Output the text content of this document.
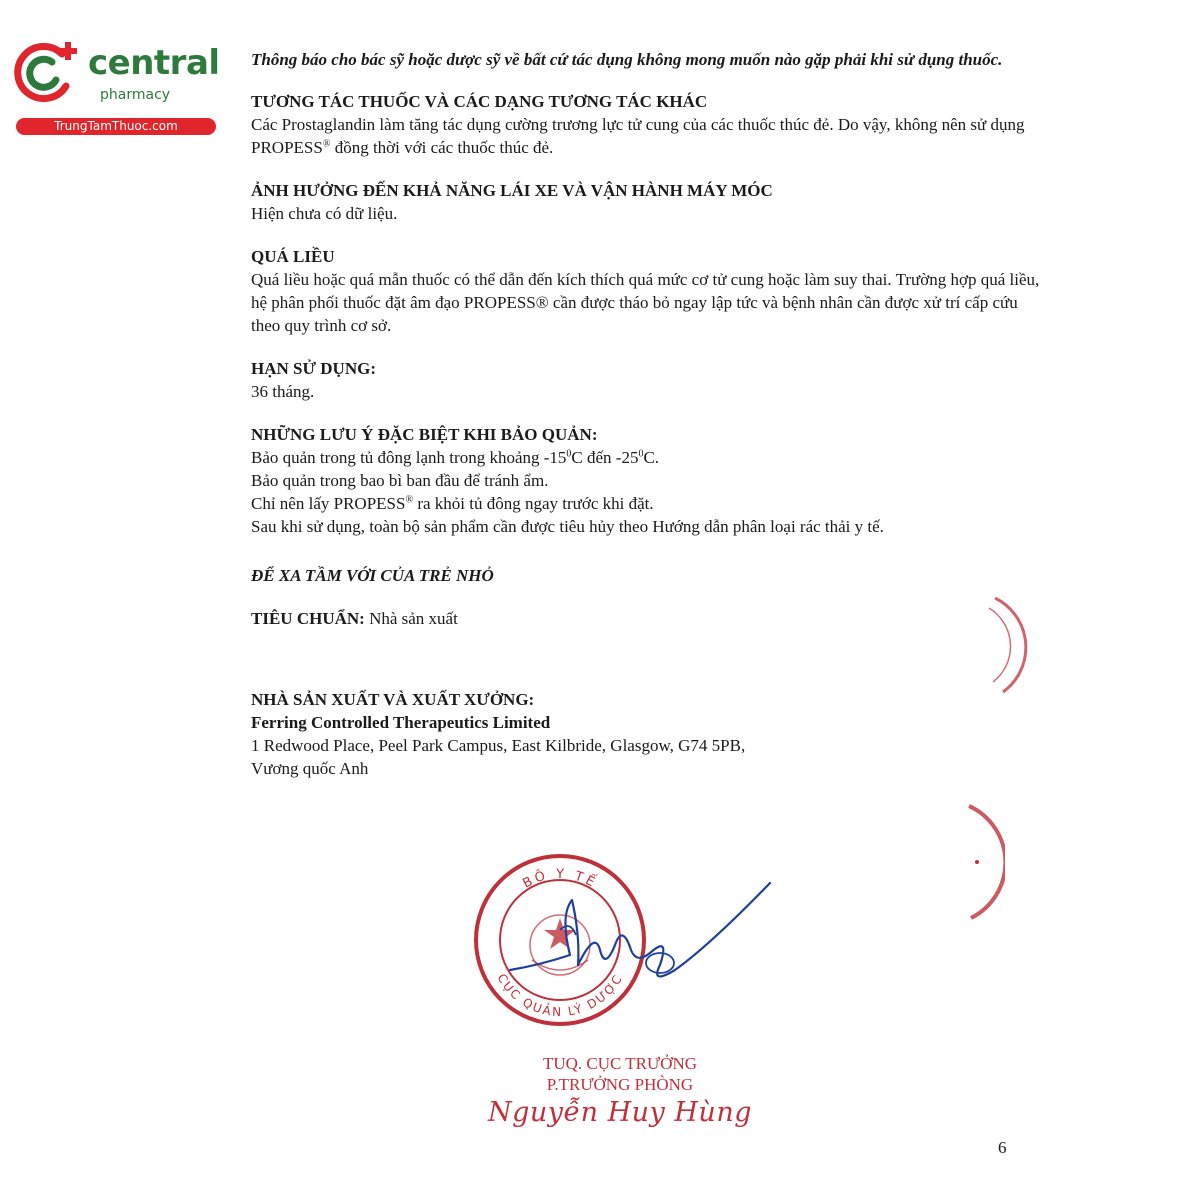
central
pharmacy
TrungTamThuoc.com

Thông báo cho bác sỹ hoặc dược sỹ về bất cứ tác dụng không mong muốn nào gặp phải khi sử dụng thuốc.

TƯƠNG TÁC THUỐC VÀ CÁC DẠNG TƯƠNG TÁC KHÁC

Các Prostaglandin làm tăng tác dụng cường trương lực tử cung của các thuốc thúc đẻ. Do vậy, không nên sử dụng PROPESS® đồng thời với các thuốc thúc đẻ.

ẢNH HƯỞNG ĐẾN KHẢ NĂNG LÁI XE VÀ VẬN HÀNH MÁY MÓC

Hiện chưa có dữ liệu.

QUÁ LIỀU

Quá liều hoặc quá mẫn thuốc có thể dẫn đến kích thích quá mức cơ tử cung hoặc làm suy thai. Trường hợp quá liều, hệ phân phối thuốc đặt âm đạo PROPESS® cần được tháo bỏ ngay lập tức và bệnh nhân cần được xử trí cấp cứu theo quy trình cơ sở.

HẠN SỬ DỤNG:

36 tháng.

NHỮNG LƯU Ý ĐẶC BIỆT KHI BẢO QUẢN:

Bảo quản trong tủ đông lạnh trong khoảng $-15^0C$ đến $-25^0C$.

Bảo quản trong bao bì ban đầu để tránh ẩm.

Chỉ nên lấy PROPESS® ra khỏi tủ đông ngay trước khi đặt.

Sau khi sử dụng, toàn bộ sản phẩm cần được tiêu hủy theo Hướng dẫn phân loại rác thải y tế.

ĐỂ XA TẦM VỚI CỦA TRẺ NHỎ

TIÊU CHUẨN: Nhà sản xuất

NHÀ SẢN XUẤT VÀ XUẤT XƯỞNG:

Ferring Controlled Therapeutics Limited

1 Redwood Place, Peel Park Campus, East Kilbride, Glasgow, G74 5PB,

Vương quốc Anh

BỘ Y TẾ
CỤC QUẢN LÝ DƯỢC
TUQ. CỤC TRƯỞNG
P.TRƯỞNG PHÒNG
Nguyễn Huy Hùng
6
